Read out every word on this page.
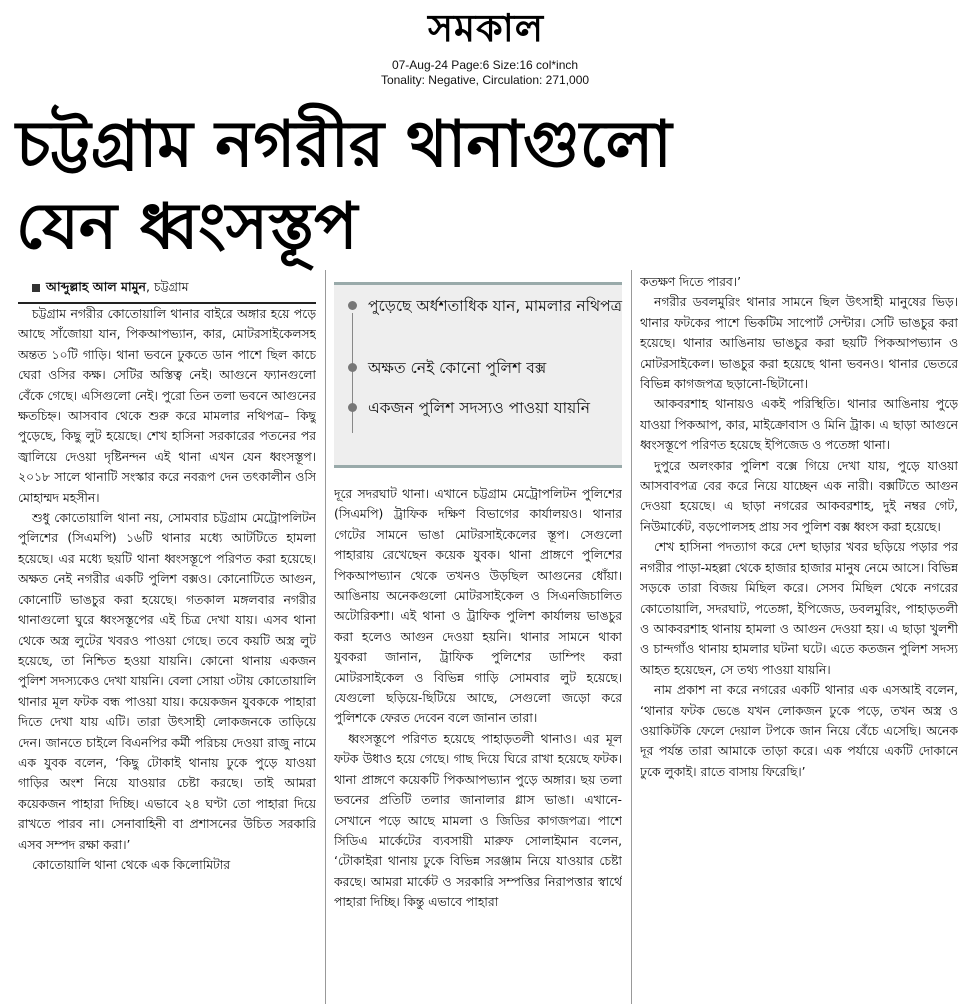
সমকাল
07-Aug-24 Page:6 Size:16 col*inch
Tonality: Negative, Circulation: 271,000
চট্টগ্রাম নগরীর থানাগুলো
যেন ধ্বংসস্তূপ

আব্দুল্লাহ আল মামুন, চট্টগ্রাম

চট্টগ্রাম নগরীর কোতোয়ালি থানার বাইরে অঙ্গার হয়ে পড়ে আছে সাঁজোয়া যান, পিকআপভ্যান, কার, মোটরসাইকেলসহ অন্তত ১০টি গাড়ি। থানা ভবনে ঢুকতে ডান পাশে ছিল কাচে ঘেরা ওসির কক্ষ। সেটির অস্তিত্ব নেই। আগুনে ফ্যানগুলো বেঁকে গেছে। এসিগুলো নেই। পুরো তিন তলা ভবনে আগুনের ক্ষতচিহ্ন। আসবাব থেকে শুরু করে মামলার নথিপত্র– কিছু পুড়েছে, কিছু লুট হয়েছে। শেখ হাসিনা সরকারের পতনের পর জ্বালিয়ে দেওয়া দৃষ্টিনন্দন এই থানা এখন যেন ধ্বংসস্তূপ। ২০১৮ সালে থানাটি সংস্কার করে নবরূপ দেন তৎকালীন ওসি মোহাম্মদ মহসীন।

শুধু কোতোয়ালি থানা নয়, সোমবার চট্টগ্রাম মেট্রোপলিটন পুলিশের (সিএমপি) ১৬টি থানার মধ্যে আটটিতে হামলা হয়েছে। এর মধ্যে ছয়টি থানা ধ্বংসস্তূপে পরিণত করা হয়েছে। অক্ষত নেই নগরীর একটি পুলিশ বক্সও। কোনোটিতে আগুন, কোনোটি ভাঙচুর করা হয়েছে। গতকাল মঙ্গলবার নগরীর থানাগুলো ঘুরে ধ্বংসস্তূপের এই চিত্র দেখা যায়। এসব থানা থেকে অস্ত্র লুটের খবরও পাওয়া গেছে। তবে কয়টি অস্ত্র লুট হয়েছে, তা নিশ্চিত হওয়া যায়নি। কোনো থানায় একজন পুলিশ সদস্যকেও দেখা যায়নি। বেলা সোয়া ৩টায় কোতোয়ালি থানার মূল ফটক বন্ধ পাওয়া যায়। কয়েকজন যুবককে পাহারা দিতে দেখা যায় এটি। তারা উৎসাহী লোকজনকে তাড়িয়ে দেন। জানতে চাইলে বিএনপির কর্মী পরিচয় দেওয়া রাজু নামে এক যুবক বলেন, ‘কিছু টোকাই থানায় ঢুকে পুড়ে যাওয়া গাড়ির অংশ নিয়ে যাওয়ার চেষ্টা করছে। তাই আমরা কয়েকজন পাহারা দিচ্ছি। এভাবে ২৪ ঘণ্টা তো পাহারা দিয়ে রাখতে পারব না। সেনাবাহিনী বা প্রশাসনের উচিত সরকারি এসব সম্পদ রক্ষা করা।’

কোতোয়ালি থানা থেকে এক কিলোমিটার

পুড়েছে অর্ধশতাধিক যান, মামলার নথিপত্র
অক্ষত নেই কোনো পুলিশ বক্স
একজন পুলিশ সদস্যও পাওয়া যায়নি

দূরে সদরঘাট থানা। এখানে চট্টগ্রাম মেট্রোপলিটন পুলিশের (সিএমপি) ট্রাফিক দক্ষিণ বিভাগের কার্যালয়ও। থানার গেটের সামনে ভাঙা মোটরসাইকেলের স্তূপ। সেগুলো পাহারায় রেখেছেন কয়েক যুবক। থানা প্রাঙ্গণে পুলিশের পিকআপভ্যান থেকে তখনও উড়ছিল আগুনের ধোঁয়া। আঙিনায় অনেকগুলো মোটরসাইকেল ও সিএনজিচালিত অটোরিকশা। এই থানা ও ট্রাফিক পুলিশ কার্যালয় ভাঙচুর করা হলেও আগুন দেওয়া হয়নি। থানার সামনে থাকা যুবকরা জানান, ট্রাফিক পুলিশের ডাম্পিং করা মোটরসাইকেল ও বিভিন্ন গাড়ি সোমবার লুট হয়েছে। যেগুলো ছড়িয়ে-ছিটিয়ে আছে, সেগুলো জড়ো করে পুলিশকে ফেরত দেবেন বলে জানান তারা।

ধ্বংসস্তূপে পরিণত হয়েছে পাহাড়তলী থানাও। এর মূল ফটক উধাও হয়ে গেছে। গাছ দিয়ে ঘিরে রাখা হয়েছে ফটক। থানা প্রাঙ্গণে কয়েকটি পিকআপভ্যান পুড়ে অঙ্গার। ছয় তলা ভবনের প্রতিটি তলার জানালার গ্লাস ভাঙা। এখানে-সেখানে পড়ে আছে মামলা ও জিডির কাগজপত্র। পাশে সিডিএ মার্কেটের ব্যবসায়ী মারুফ সোলাইমান বলেন, ‘টোকাইরা থানায় ঢুকে বিভিন্ন সরঞ্জাম নিয়ে যাওয়ার চেষ্টা করছে। আমরা মার্কেট ও সরকারি সম্পত্তির নিরাপত্তার স্বার্থে পাহারা দিচ্ছি। কিন্তু এভাবে পাহারা

কতক্ষণ দিতে পারব।’

নগরীর ডবলমুরিং থানার সামনে ছিল উৎসাহী মানুষের ভিড়। থানার ফটকের পাশে ভিকটিম সাপোর্ট সেন্টার। সেটি ভাঙচুর করা হয়েছে। থানার আঙিনায় ভাঙচুর করা ছয়টি পিকআপভ্যান ও মোটরসাইকেল। ভাঙচুর করা হয়েছে থানা ভবনও। থানার ভেতরে বিভিন্ন কাগজপত্র ছড়ানো-ছিটানো।

আকবরশাহ থানায়ও একই পরিস্থিতি। থানার আঙিনায় পুড়ে যাওয়া পিকআপ, কার, মাইক্রোবাস ও মিনি ট্রাক। এ ছাড়া আগুনে ধ্বংসস্তূপে পরিণত হয়েছে ইপিজেড ও পতেঙ্গা থানা।

দুপুরে অলংকার পুলিশ বক্সে গিয়ে দেখা যায়, পুড়ে যাওয়া আসবাবপত্র বের করে নিয়ে যাচ্ছেন এক নারী। বক্সটিতে আগুন দেওয়া হয়েছে। এ ছাড়া নগরের আকবরশাহ, দুই নম্বর গেট, নিউমার্কেট, বড়পোলসহ প্রায় সব পুলিশ বক্স ধ্বংস করা হয়েছে।

শেখ হাসিনা পদত্যাগ করে দেশ ছাড়ার খবর ছড়িয়ে পড়ার পর নগরীর পাড়া-মহল্লা থেকে হাজার হাজার মানুষ নেমে আসে। বিভিন্ন সড়কে তারা বিজয় মিছিল করে। সেসব মিছিল থেকে নগরের কোতোয়ালি, সদরঘাট, পতেঙ্গা, ইপিজেড, ডবলমুরিং, পাহাড়তলী ও আকবরশাহ থানায় হামলা ও আগুন দেওয়া হয়। এ ছাড়া খুলশী ও চান্দগাঁও থানায় হামলার ঘটনা ঘটে। এতে কতজন পুলিশ সদস্য আহত হয়েছেন, সে তথ্য পাওয়া যায়নি।

নাম প্রকাশ না করে নগরের একটি থানার এক এসআই বলেন, ‘থানার ফটক ভেঙে যখন লোকজন ঢুকে পড়ে, তখন অস্ত্র ও ওয়াকিটকি ফেলে দেয়াল টপকে জান নিয়ে বেঁচে এসেছি। অনেক দূর পর্যন্ত তারা আমাকে তাড়া করে। এক পর্যায়ে একটি দোকানে ঢুকে লুকাই। রাতে বাসায় ফিরেছি।’
